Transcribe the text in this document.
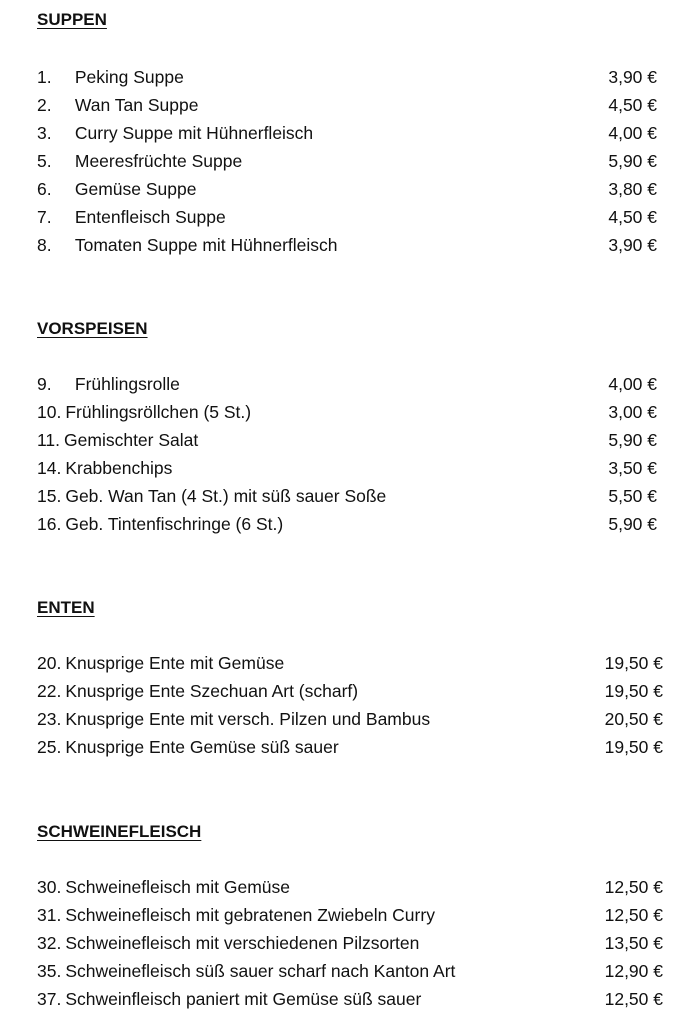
SUPPEN
1. Peking Suppe	3,90 €
2. Wan Tan Suppe	4,50 €
3. Curry Suppe mit Hühnerfleisch	4,00 €
5. Meeresfrüchte Suppe	5,90 €
6. Gemüse Suppe	3,80 €
7. Entenfleisch Suppe	4,50 €
8. Tomaten Suppe mit Hühnerfleisch	3,90 €
VORSPEISEN
9. Frühlingsrolle	4,00 €
10. Frühlingsröllchen (5 St.)	3,00 €
11. Gemischter Salat	5,90 €
14. Krabbenchips	3,50 €
15. Geb. Wan Tan (4 St.) mit süß sauer Soße	5,50 €
16. Geb. Tintenfischringe (6 St.)	5,90 €
ENTEN
20. Knusprige Ente mit Gemüse	19,50 €
22. Knusprige Ente Szechuan Art (scharf)	19,50 €
23. Knusprige Ente mit versch. Pilzen und Bambus	20,50 €
25. Knusprige Ente Gemüse süß sauer	19,50 €
SCHWEINEFLEISCH
30. Schweinefleisch mit Gemüse	12,50 €
31. Schweinefleisch mit gebratenen Zwiebeln Curry	12,50 €
32. Schweinefleisch mit verschiedenen Pilzsorten	13,50 €
35. Schweinefleisch süß sauer scharf nach Kanton Art	12,90 €
37. Schweinfleisch paniert mit Gemüse süß sauer	12,50 €
